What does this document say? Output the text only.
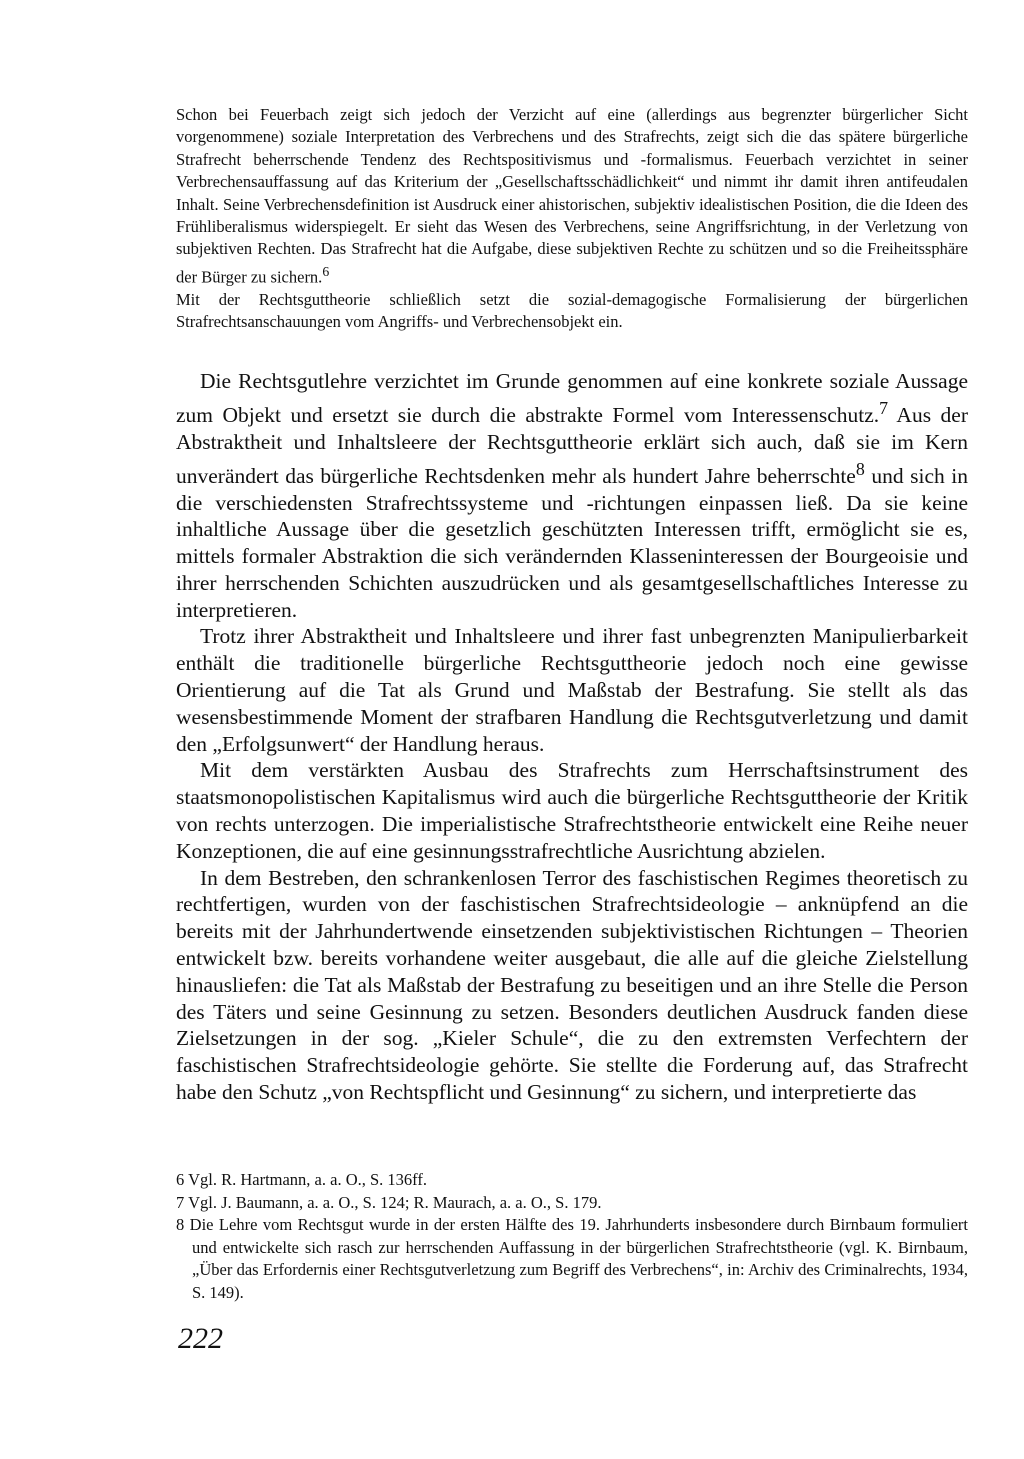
Schon bei Feuerbach zeigt sich jedoch der Verzicht auf eine (allerdings aus begrenzter bürgerlicher Sicht vorgenommene) soziale Interpretation des Verbrechens und des Strafrechts, zeigt sich die das spätere bürgerliche Strafrecht beherrschende Tendenz des Rechtspositivismus und -formalismus. Feuerbach verzichtet in seiner Verbrechensauffassung auf das Kriterium der „Gesellschaftsschädlichkeit“ und nimmt ihr damit ihren antifeudalen Inhalt. Seine Verbrechensdefinition ist Ausdruck einer ahistorischen, subjektiv idealistischen Position, die die Ideen des Frühliberalismus widerspiegelt. Er sieht das Wesen des Verbrechens, seine Angriffsrichtung, in der Verletzung von subjektiven Rechten. Das Strafrecht hat die Aufgabe, diese subjektiven Rechte zu schützen und so die Freiheitssphäre der Bürger zu sichern.$^6$

Mit der Rechtsguttheorie schließlich setzt die sozial-demagogische Formalisierung der bürgerlichen Strafrechtsanschauungen vom Angriffs- und Verbrechensobjekt ein.

Die Rechtsgutlehre verzichtet im Grunde genommen auf eine konkrete soziale Aussage zum Objekt und ersetzt sie durch die abstrakte Formel vom Interessenschutz.$^7$ Aus der Abstraktheit und Inhaltsleere der Rechtsguttheorie erklärt sich auch, daß sie im Kern unverändert das bürgerliche Rechtsdenken mehr als hundert Jahre beherrschte$^8$ und sich in die verschiedensten Strafrechtssysteme und -richtungen einpassen ließ. Da sie keine inhaltliche Aussage über die gesetzlich geschützten Interessen trifft, ermöglicht sie es, mittels formaler Abstraktion die sich verändernden Klasseninteressen der Bourgeoisie und ihrer herrschenden Schichten auszudrücken und als gesamtgesellschaftliches Interesse zu interpretieren.

Trotz ihrer Abstraktheit und Inhaltsleere und ihrer fast unbegrenzten Manipulierbarkeit enthält die traditionelle bürgerliche Rechtsguttheorie jedoch noch eine gewisse Orientierung auf die Tat als Grund und Maßstab der Bestrafung. Sie stellt als das wesensbestimmende Moment der strafbaren Handlung die Rechtsgutverletzung und damit den „Erfolgsunwert“ der Handlung heraus.

Mit dem verstärkten Ausbau des Strafrechts zum Herrschaftsinstrument des staatsmonopolistischen Kapitalismus wird auch die bürgerliche Rechtsguttheorie der Kritik von rechts unterzogen. Die imperialistische Strafrechtstheorie entwickelt eine Reihe neuer Konzeptionen, die auf eine gesinnungsstrafrechtliche Ausrichtung abzielen.

In dem Bestreben, den schrankenlosen Terror des faschistischen Regimes theoretisch zu rechtfertigen, wurden von der faschistischen Strafrechtsideologie – anknüpfend an die bereits mit der Jahrhundertwende einsetzenden subjektivistischen Richtungen – Theorien entwickelt bzw. bereits vorhandene weiter ausgebaut, die alle auf die gleiche Zielstellung hinausliefen: die Tat als Maßstab der Bestrafung zu beseitigen und an ihre Stelle die Person des Täters und seine Gesinnung zu setzen. Besonders deutlichen Ausdruck fanden diese Zielsetzungen in der sog. „Kieler Schule“, die zu den extremsten Verfechtern der faschistischen Strafrechtsideologie gehörte. Sie stellte die Forderung auf, das Strafrecht habe den Schutz „von Rechtspflicht und Gesinnung“ zu sichern, und interpretierte das

6 Vgl. R. Hartmann, a. a. O., S. 136ff.

7 Vgl. J. Baumann, a. a. O., S. 124; R. Maurach, a. a. O., S. 179.

8 Die Lehre vom Rechtsgut wurde in der ersten Hälfte des 19. Jahrhunderts insbesondere durch Birnbaum formuliert und entwickelte sich rasch zur herrschenden Auffassung in der bürgerlichen Strafrechtstheorie (vgl. K. Birnbaum, „Über das Erfordernis einer Rechtsgutverletzung zum Begriff des Verbrechens“, in: Archiv des Criminalrechts, 1934, S. 149).

222
